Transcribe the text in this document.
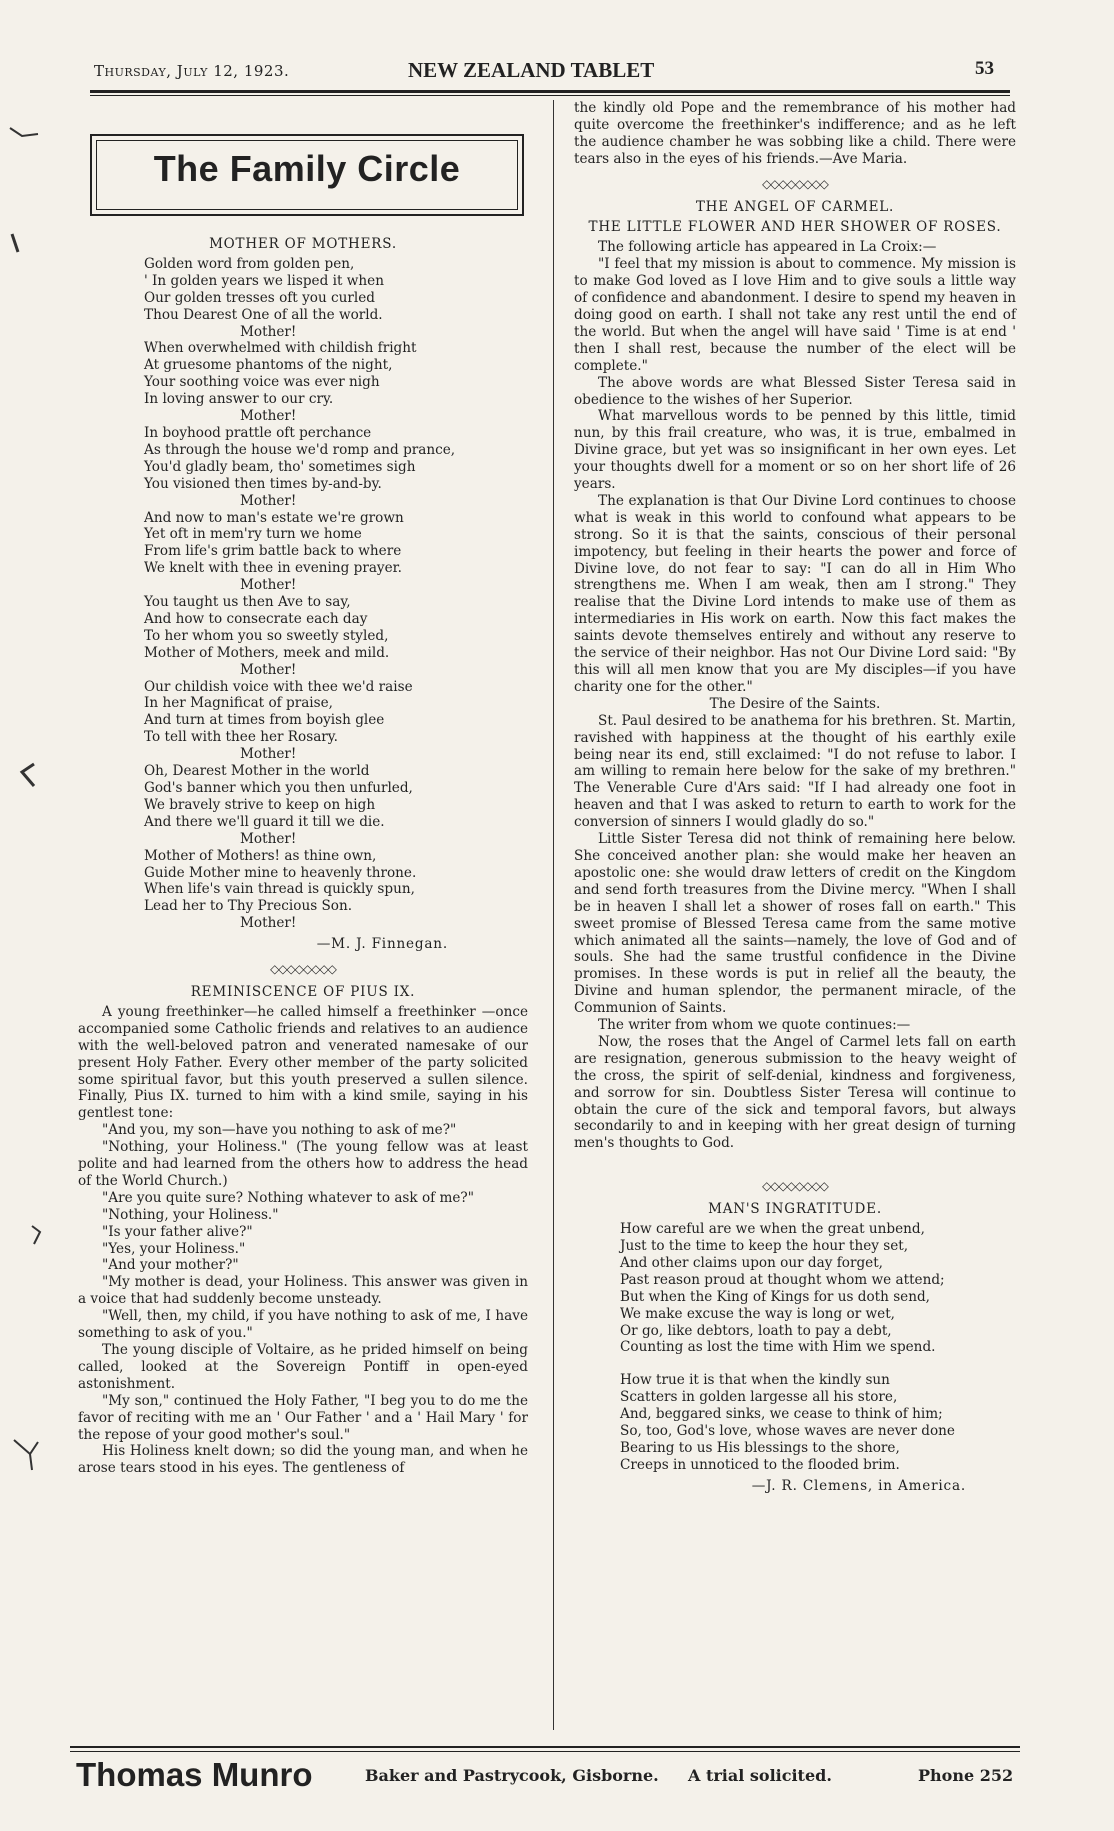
Thursday, July 12, 1923.	NEW ZEALAND TABLET	53
The Family Circle
MOTHER OF MOTHERS.
Golden word from golden pen,
' In golden years we lisped it when
Our golden tresses oft you curled
Thou Dearest One of all the world.
Mother!
When overwhelmed with childish fright
At gruesome phantoms of the night,
Your soothing voice was ever nigh
In loving answer to our cry.
Mother!
In boyhood prattle oft perchance
As through the house we'd romp and prance,
You'd gladly beam, tho' sometimes sigh
You visioned then times by-and-by.
Mother!
And now to man's estate we're grown
Yet oft in mem'ry turn we home
From life's grim battle back to where
We knelt with thee in evening prayer.
Mother!
You taught us then Ave to say,
And how to consecrate each day
To her whom you so sweetly styled,
Mother of Mothers, meek and mild.
Mother!
Our childish voice with thee we'd raise
In her Magnificat of praise,
And turn at times from boyish glee
To tell with thee her Rosary.
Mother!
Oh, Dearest Mother in the world
God's banner which you then unfurled,
We bravely strive to keep on high
And there we'll guard it till we die.
Mother!
Mother of Mothers! as thine own,
Guide Mother mine to heavenly throne.
When life's vain thread is quickly spun,
Lead her to Thy Precious Son.
Mother!
—M. J. Finnegan.
◇◇◇◇◇◇◇◇
REMINISCENCE OF PIUS IX.

A young freethinker—he called himself a freethinker —once accompanied some Catholic friends and relatives to an audience with the well-beloved patron and venerated namesake of our present Holy Father. Every other member of the party solicited some spiritual favor, but this youth preserved a sullen silence. Finally, Pius IX. turned to him with a kind smile, saying in his gentlest tone:

"And you, my son—have you nothing to ask of me?"

"Nothing, your Holiness." (The young fellow was at least polite and had learned from the others how to address the head of the World Church.)

"Are you quite sure? Nothing whatever to ask of me?"

"Nothing, your Holiness."

"Is your father alive?"

"Yes, your Holiness."

"And your mother?"

"My mother is dead, your Holiness. This answer was given in a voice that had suddenly become unsteady.

"Well, then, my child, if you have nothing to ask of me, I have something to ask of you."

The young disciple of Voltaire, as he prided himself on being called, looked at the Sovereign Pontiff in open-eyed astonishment.

"My son," continued the Holy Father, "I beg you to do me the favor of reciting with me an ' Our Father ' and a ' Hail Mary ' for the repose of your good mother's soul."

His Holiness knelt down; so did the young man, and when he arose tears stood in his eyes. The gentleness of

the kindly old Pope and the remembrance of his mother had quite overcome the freethinker's indifference; and as he left the audience chamber he was sobbing like a child. There were tears also in the eyes of his friends.—Ave Maria.

◇◇◇◇◇◇◇◇
THE ANGEL OF CARMEL.
THE LITTLE FLOWER AND HER SHOWER OF ROSES.

The following article has appeared in La Croix:—

"I feel that my mission is about to commence. My mission is to make God loved as I love Him and to give souls a little way of confidence and abandonment. I desire to spend my heaven in doing good on earth. I shall not take any rest until the end of the world. But when the angel will have said ' Time is at end ' then I shall rest, because the number of the elect will be complete."

The above words are what Blessed Sister Teresa said in obedience to the wishes of her Superior.

What marvellous words to be penned by this little, timid nun, by this frail creature, who was, it is true, embalmed in Divine grace, but yet was so insignificant in her own eyes. Let your thoughts dwell for a moment or so on her short life of 26 years.

The explanation is that Our Divine Lord continues to choose what is weak in this world to confound what appears to be strong. So it is that the saints, conscious of their personal impotency, but feeling in their hearts the power and force of Divine love, do not fear to say: "I can do all in Him Who strengthens me. When I am weak, then am I strong." They realise that the Divine Lord intends to make use of them as intermediaries in His work on earth. Now this fact makes the saints devote themselves entirely and without any reserve to the service of their neighbor. Has not Our Divine Lord said: "By this will all men know that you are My disciples—if you have charity one for the other."

The Desire of the Saints.

St. Paul desired to be anathema for his brethren. St. Martin, ravished with happiness at the thought of his earthly exile being near its end, still exclaimed: "I do not refuse to labor. I am willing to remain here below for the sake of my brethren." The Venerable Cure d'Ars said: "If I had already one foot in heaven and that I was asked to return to earth to work for the conversion of sinners I would gladly do so."

Little Sister Teresa did not think of remaining here below. She conceived another plan: she would make her heaven an apostolic one: she would draw letters of credit on the Kingdom and send forth treasures from the Divine mercy. "When I shall be in heaven I shall let a shower of roses fall on earth." This sweet promise of Blessed Teresa came from the same motive which animated all the saints—namely, the love of God and of souls. She had the same trustful confidence in the Divine promises. In these words is put in relief all the beauty, the Divine and human splendor, the permanent miracle, of the Communion of Saints.

The writer from whom we quote continues:—

Now, the roses that the Angel of Carmel lets fall on earth are resignation, generous submission to the heavy weight of the cross, the spirit of self-denial, kindness and forgiveness, and sorrow for sin. Doubtless Sister Teresa will continue to obtain the cure of the sick and temporal favors, but always secondarily to and in keeping with her great design of turning men's thoughts to God.

◇◇◇◇◇◇◇◇
MAN'S INGRATITUDE.
How careful are we when the great unbend,
Just to the time to keep the hour they set,
And other claims upon our day forget,
Past reason proud at thought whom we attend;
But when the King of Kings for us doth send,
We make excuse the way is long or wet,
Or go, like debtors, loath to pay a debt,
Counting as lost the time with Him we spend.
How true it is that when the kindly sun
Scatters in golden largesse all his store,
And, beggared sinks, we cease to think of him;
So, too, God's love, whose waves are never done
Bearing to us His blessings to the shore,
Creeps in unnoticed to the flooded brim.
—J. R. Clemens, in America.
Thomas Munro	Baker and Pastrycook, Gisborne. A trial solicited.	Phone 252
